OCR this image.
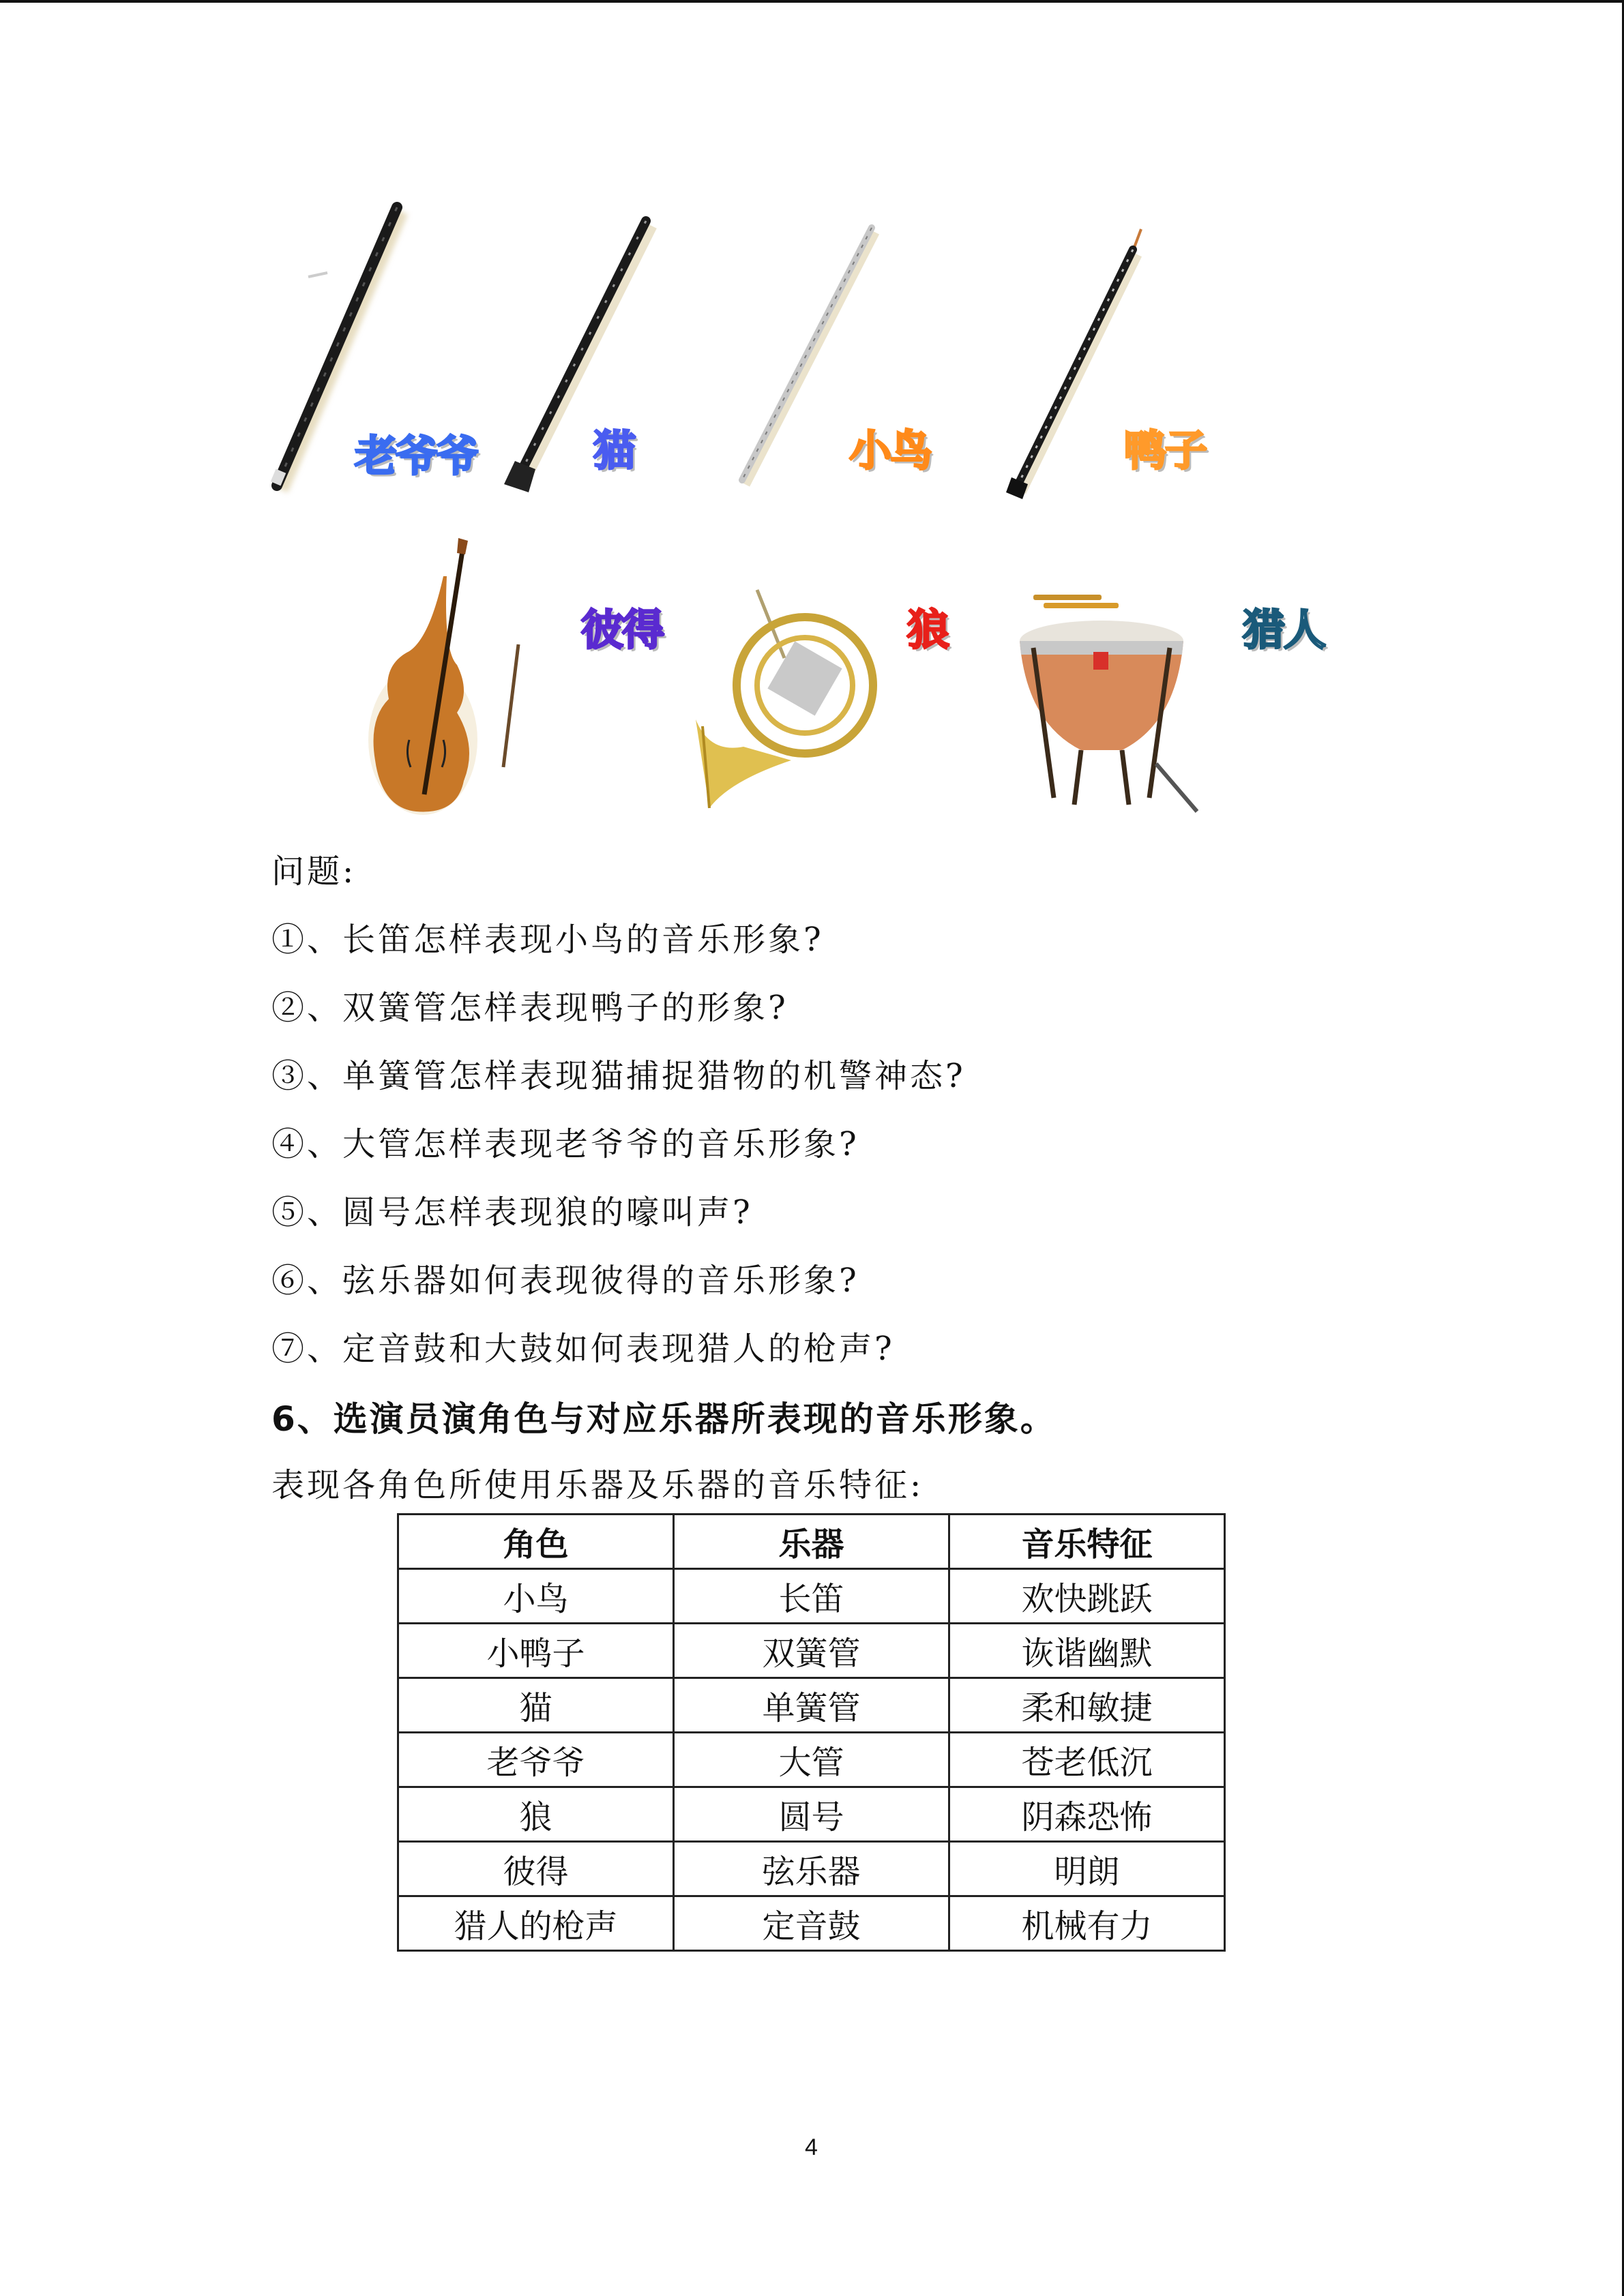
老爷爷	猫	小鸟	鸭子
彼得	狼	猎人
问题:
①、长笛怎样表现小鸟的音乐形象?
②、双簧管怎样表现鸭子的形象?
③、单簧管怎样表现猫捕捉猎物的机警神态?
④、大管怎样表现老爷爷的音乐形象?
⑤、圆号怎样表现狼的嚎叫声?
⑥、弦乐器如何表现彼得的音乐形象?
⑦、定音鼓和大鼓如何表现猎人的枪声?
6、选演员演角色与对应乐器所表现的音乐形象。
表现各角色所使用乐器及乐器的音乐特征:
角色	乐器	音乐特征
小鸟	长笛	欢快跳跃
小鸭子	双簧管	诙谐幽默
猫	单簧管	柔和敏捷
老爷爷	大管	苍老低沉
狼	圆号	阴森恐怖
彼得	弦乐器	明朗
猎人的枪声	定音鼓	机械有力
4
